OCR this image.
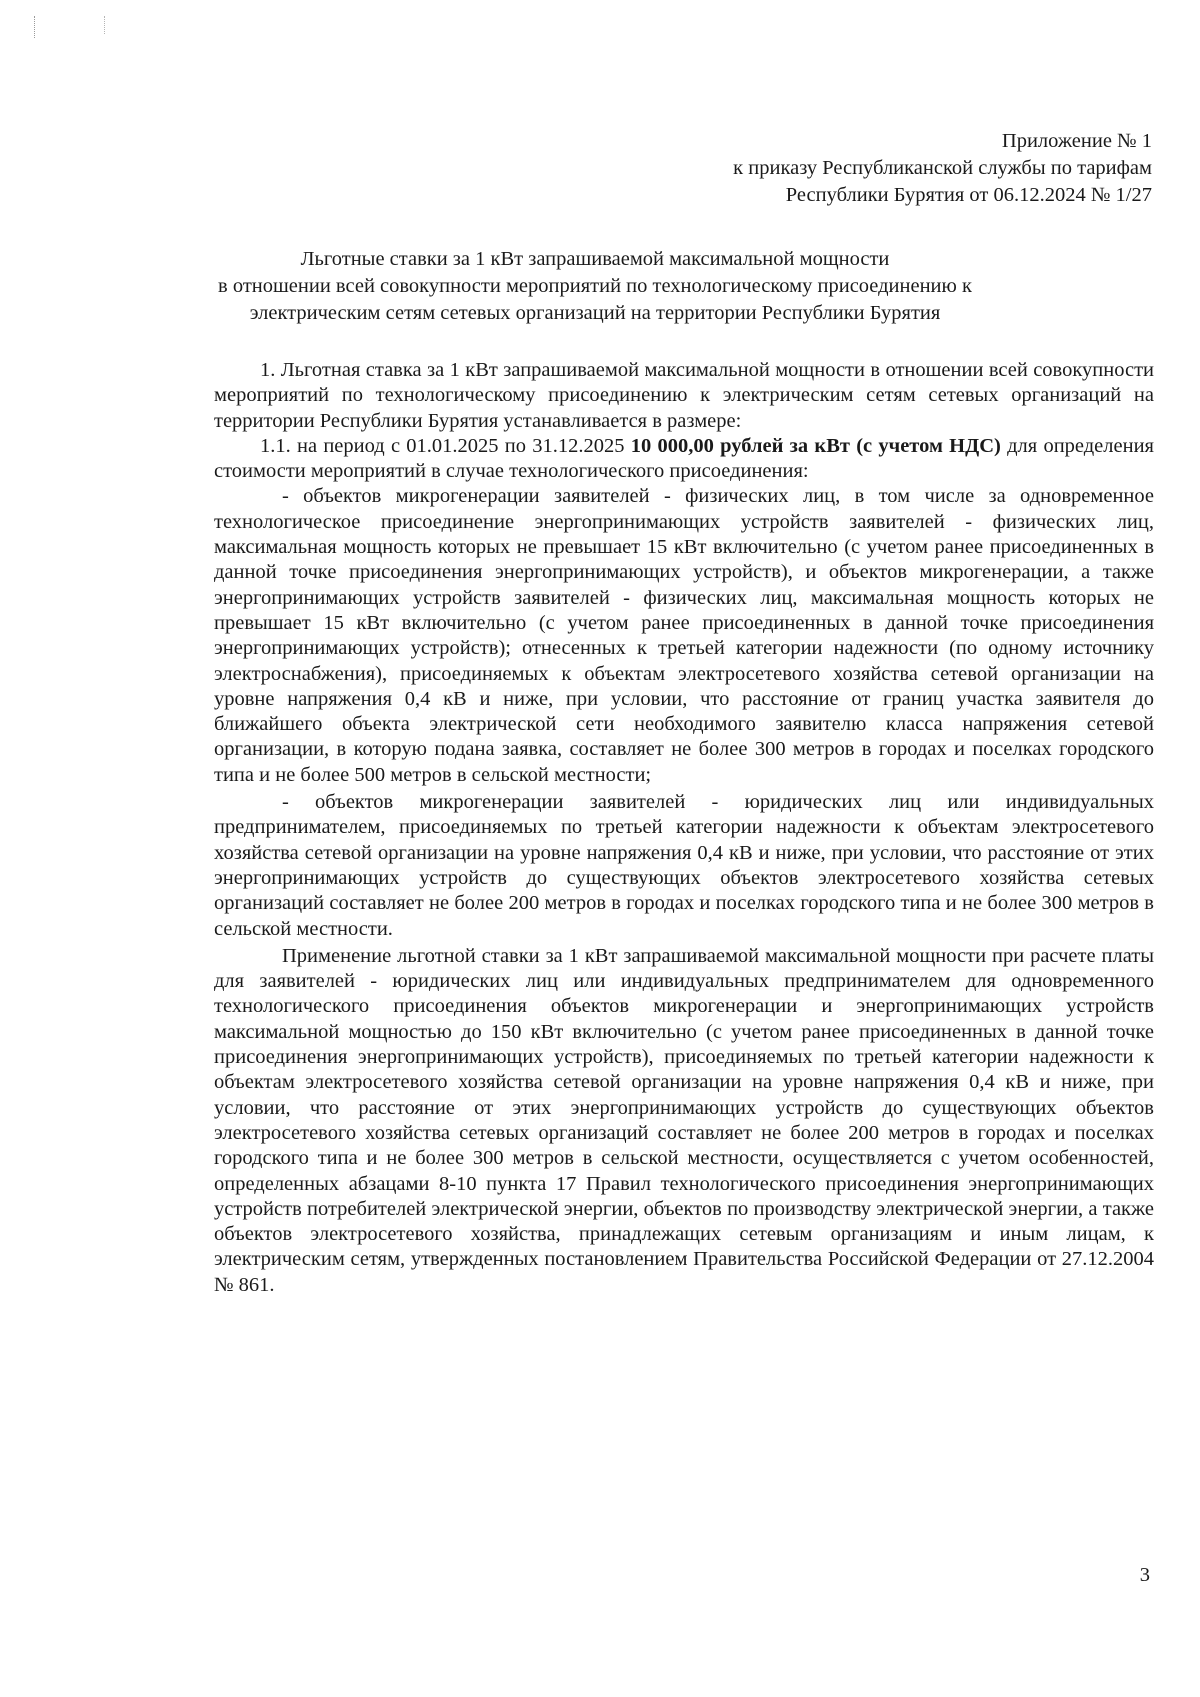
Приложение № 1
к приказу Республиканской службы по тарифам
Республики Бурятия от 06.12.2024 № 1/27
Льготные ставки за 1 кВт запрашиваемой максимальной мощности
в отношении всей совокупности мероприятий по технологическому присоединению к
электрическим сетям сетевых организаций на территории Республики Бурятия

1. Льготная ставка за 1 кВт запрашиваемой максимальной мощности в отношении всей совокупности мероприятий по технологическому присоединению к электрическим сетям сетевых организаций на территории Республики Бурятия устанавливается в размере:

1.1. на период с 01.01.2025 по 31.12.2025 10 000,00 рублей за кВт (с учетом НДС) для определения стоимости мероприятий в случае технологического присоединения:

- объектов микрогенерации заявителей - физических лиц, в том числе за одновременное технологическое присоединение энергопринимающих устройств заявителей - физических лиц, максимальная мощность которых не превышает 15 кВт включительно (с учетом ранее присоединенных в данной точке присоединения энергопринимающих устройств), и объектов микрогенерации, а также энергопринимающих устройств заявителей - физических лиц, максимальная мощность которых не превышает 15 кВт включительно (с учетом ранее присоединенных в данной точке присоединения энергопринимающих устройств); отнесенных к третьей категории надежности (по одному источнику электроснабжения), присоединяемых к объектам электросетевого хозяйства сетевой организации на уровне напряжения 0,4 кВ и ниже, при условии, что расстояние от границ участка заявителя до ближайшего объекта электрической сети необходимого заявителю класса напряжения сетевой организации, в которую подана заявка, составляет не более 300 метров в городах и поселках городского типа и не более 500 метров в сельской местности;

- объектов микрогенерации заявителей - юридических лиц или индивидуальных предпринимателем, присоединяемых по третьей категории надежности к объектам электросетевого хозяйства сетевой организации на уровне напряжения 0,4 кВ и ниже, при условии, что расстояние от этих энергопринимающих устройств до существующих объектов электросетевого хозяйства сетевых организаций составляет не более 200 метров в городах и поселках городского типа и не более 300 метров в сельской местности.

Применение льготной ставки за 1 кВт запрашиваемой максимальной мощности при расчете платы для заявителей - юридических лиц или индивидуальных предпринимателем для одновременного технологического присоединения объектов микрогенерации и энергопринимающих устройств максимальной мощностью до 150 кВт включительно (с учетом ранее присоединенных в данной точке присоединения энергопринимающих устройств), присоединяемых по третьей категории надежности к объектам электросетевого хозяйства сетевой организации на уровне напряжения 0,4 кВ и ниже, при условии, что расстояние от этих энергопринимающих устройств до существующих объектов электросетевого хозяйства сетевых организаций составляет не более 200 метров в городах и поселках городского типа и не более 300 метров в сельской местности, осуществляется с учетом особенностей, определенных абзацами 8-10 пункта 17 Правил технологического присоединения энергопринимающих устройств потребителей электрической энергии, объектов по производству электрической энергии, а также объектов электросетевого хозяйства, принадлежащих сетевым организациям и иным лицам, к электрическим сетям, утвержденных постановлением Правительства Российской Федерации от 27.12.2004 № 861.

3
